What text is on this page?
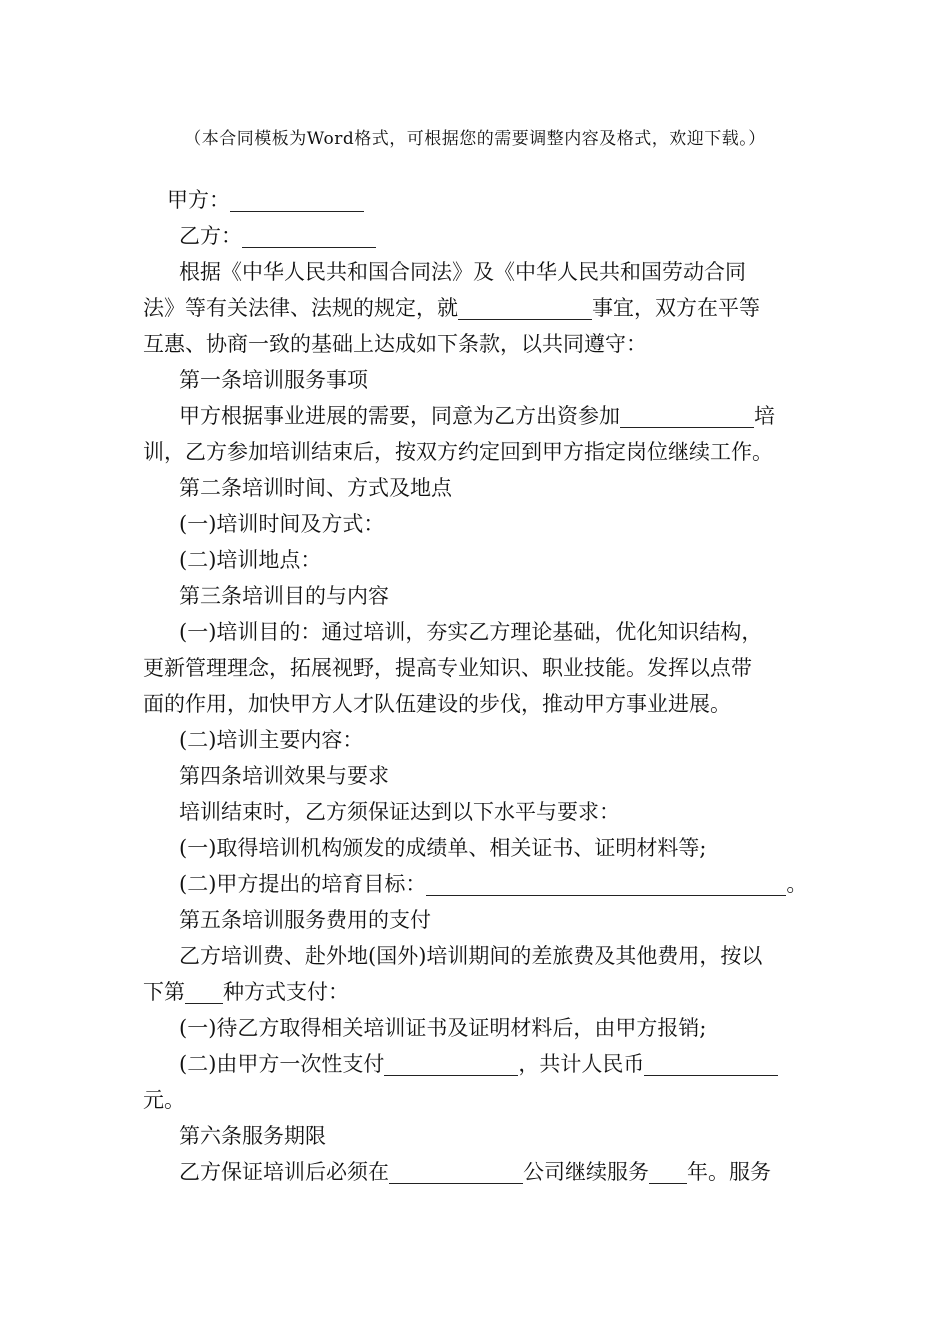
（本合同模板为Word格式，可根据您的需要调整内容及格式，欢迎下载。）
甲方：
乙方：
根据《中华人民共和国合同法》及《中华人民共和国劳动合同
法》等有关法律、法规的规定，就	事宜，双方在平等
互惠、协商一致的基础上达成如下条款，以共同遵守：
第一条培训服务事项
甲方根据事业进展的需要，同意为乙方出资参加	培
训，乙方参加培训结束后，按双方约定回到甲方指定岗位继续工作。
第二条培训时间、方式及地点
(一)培训时间及方式：
(二)培训地点：
第三条培训目的与内容
(一)培训目的：通过培训，夯实乙方理论基础，优化知识结构，
更新管理理念，拓展视野，提高专业知识、职业技能。发挥以点带
面的作用，加快甲方人才队伍建设的步伐，推动甲方事业进展。
(二)培训主要内容：
第四条培训效果与要求
培训结束时，乙方须保证达到以下水平与要求：
(一)取得培训机构颁发的成绩单、相关证书、证明材料等;
(二)甲方提出的培育目标：	。
第五条培训服务费用的支付
乙方培训费、赴外地(国外)培训期间的差旅费及其他费用，按以
下第 种方式支付：
(一)待乙方取得相关培训证书及证明材料后，由甲方报销;
(二)由甲方一次性支付	，共计人民币
元。
第六条服务期限
乙方保证培训后必须在	公司继续服务 年。服务
